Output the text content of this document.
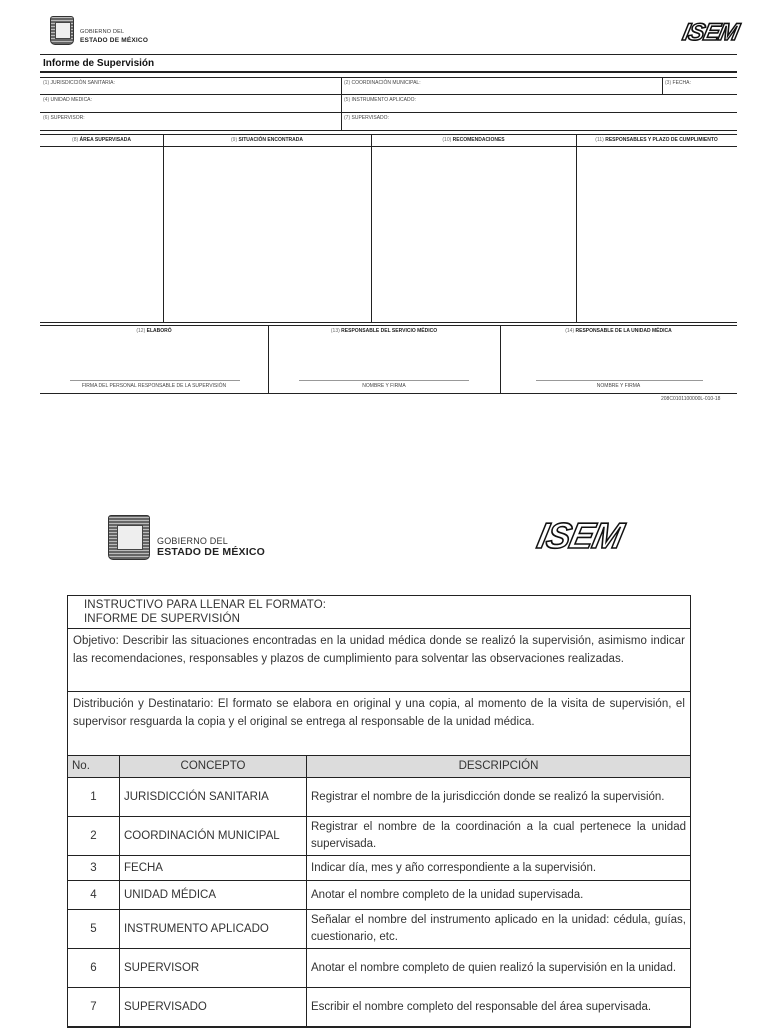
GOBIERNO DEL
ESTADO DE MÉXICO	ISEM
Informe de Supervisión
(1) JURISDICCIÓN SANITARIA:	(2) COORDINACIÓN MUNICIPAL:	(3) FECHA:
(4) UNIDAD MEDICA:	(5) INSTRUMENTO APLICADO:
(6) SUPERVISOR:	(7) SUPERVISADO:
(8) ÁREA SUPERVISADA	(9) SITUACIÓN ENCONTRADA	(10) RECOMENDACIONES	(11) RESPONSABLES Y PLAZO DE CUMPLIMIENTO
(12) ELABORÓ	(13) RESPONSABLE DEL SERVICIO MÉDICO	(14) RESPONSABLE DE LA UNIDAD MÉDICA
FIRMA DEL PERSONAL RESPONSABLE DE LA SUPERVISIÓN	NOMBRE Y FIRMA	NOMBRE Y FIRMA
208C0101100000L-010-18
GOBIERNO DEL
ESTADO DE MÉXICO	ISEM
INSTRUCTIVO PARA LLENAR EL FORMATO:
INFORME DE SUPERVISIÓN
Objetivo: Describir las situaciones encontradas en la unidad médica donde se realizó la supervisión, asimismo indicar las recomendaciones, responsables y plazos de cumplimiento para solventar las observaciones realizadas.
Distribución y Destinatario: El formato se elabora en original y una copia, al momento de la visita de supervisión, el supervisor resguarda la copia y el original se entrega al responsable de la unidad médica.
No.	CONCEPTO	DESCRIPCIÓN
1	JURISDICCIÓN SANITARIA	Registrar el nombre de la jurisdicción donde se realizó la supervisión.
2	COORDINACIÓN MUNICIPAL	Registrar el nombre de la coordinación a la cual pertenece la unidad supervisada.
3	FECHA	Indicar día, mes y año correspondiente a la supervisión.
4	UNIDAD MÉDICA	Anotar el nombre completo de la unidad supervisada.
5	INSTRUMENTO APLICADO	Señalar el nombre del instrumento aplicado en la unidad: cédula, guías, cuestionario, etc.
6	SUPERVISOR	Anotar el nombre completo de quien realizó la supervisión en la unidad.
7	SUPERVISADO	Escribir el nombre completo del responsable del área supervisada.
